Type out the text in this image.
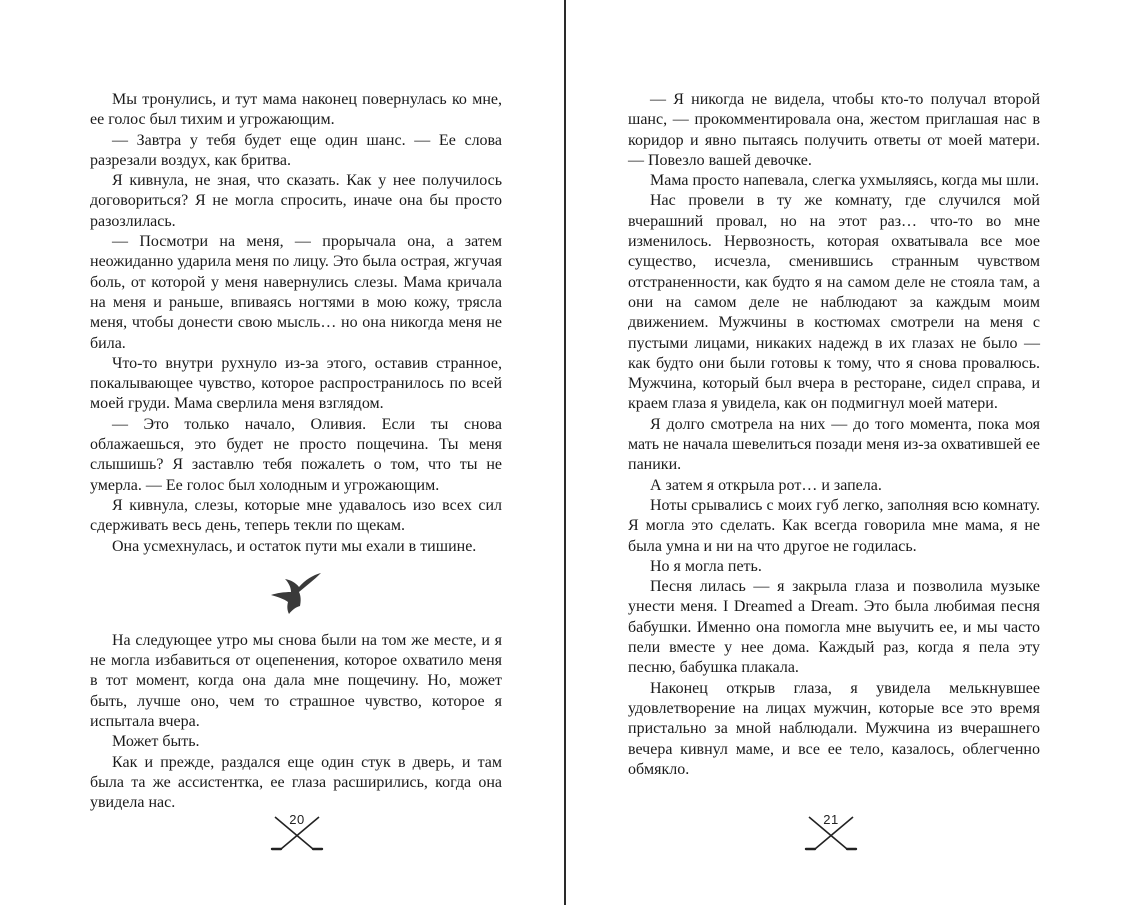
Мы тронулись, и тут мама наконец повернулась ко мне, ее голос был тихим и угрожающим.

— Завтра у тебя будет еще один шанс. — Ее слова разрезали воздух, как бритва.

Я кивнула, не зная, что сказать. Как у нее получилось договориться? Я не могла спросить, иначе она бы просто разозлилась.

— Посмотри на меня, — прорычала она, а затем неожиданно ударила меня по лицу. Это была острая, жгучая боль, от которой у меня навернулись слезы. Мама кричала на меня и раньше, впиваясь ногтями в мою кожу, трясла меня, чтобы донести свою мысль… но она никогда меня не била.

Что-то внутри рухнуло из-за этого, оставив странное, покалывающее чувство, которое распространилось по всей моей груди. Мама сверлила меня взглядом.

— Это только начало, Оливия. Если ты снова облажаешься, это будет не просто пощечина. Ты меня слышишь? Я заставлю тебя пожалеть о том, что ты не умерла. — Ее голос был холодным и угрожающим.

Я кивнула, слезы, которые мне удавалось изо всех сил сдерживать весь день, теперь текли по щекам.

Она усмехнулась, и остаток пути мы ехали в тишине.

На следующее утро мы снова были на том же месте, и я не могла избавиться от оцепенения, которое охватило меня в тот момент, когда она дала мне пощечину. Но, может быть, лучше оно, чем то страшное чувство, которое я испытала вчера.

Может быть.

Как и прежде, раздался еще один стук в дверь, и там была та же ассистентка, ее глаза расширились, когда она увидела нас.

20

— Я никогда не видела, чтобы кто-то получал второй шанс, — прокомментировала она, жестом приглашая нас в коридор и явно пытаясь получить ответы от моей матери. — Повезло вашей девочке.

Мама просто напевала, слегка ухмыляясь, когда мы шли.

Нас провели в ту же комнату, где случился мой вчерашний провал, но на этот раз… что-то во мне изменилось. Нервозность, которая охватывала все мое существо, исчезла, сменившись странным чувством отстраненности, как будто я на самом деле не стояла там, а они на самом деле не наблюдают за каждым моим движением. Мужчины в костюмах смотрели на меня с пустыми лицами, никаких надежд в их глазах не было — как будто они были готовы к тому, что я снова провалюсь. Мужчина, который был вчера в ресторане, сидел справа, и краем глаза я увидела, как он подмигнул моей матери.

Я долго смотрела на них — до того момента, пока моя мать не начала шевелиться позади меня из-за охватившей ее паники.

А затем я открыла рот… и запела.

Ноты срывались с моих губ легко, заполняя всю комнату. Я могла это сделать. Как всегда говорила мне мама, я не была умна и ни на что другое не годилась.

Но я могла петь.

Песня лилась — я закрыла глаза и позволила музыке унести меня. I Dreamed a Dream. Это была любимая песня бабушки. Именно она помогла мне выучить ее, и мы часто пели вместе у нее дома. Каждый раз, когда я пела эту песню, бабушка плакала.

Наконец открыв глаза, я увидела мелькнувшее удовлетворение на лицах мужчин, которые все это время пристально за мной наблюдали. Мужчина из вчерашнего вечера кивнул маме, и все ее тело, казалось, облегченно обмякло.

21
